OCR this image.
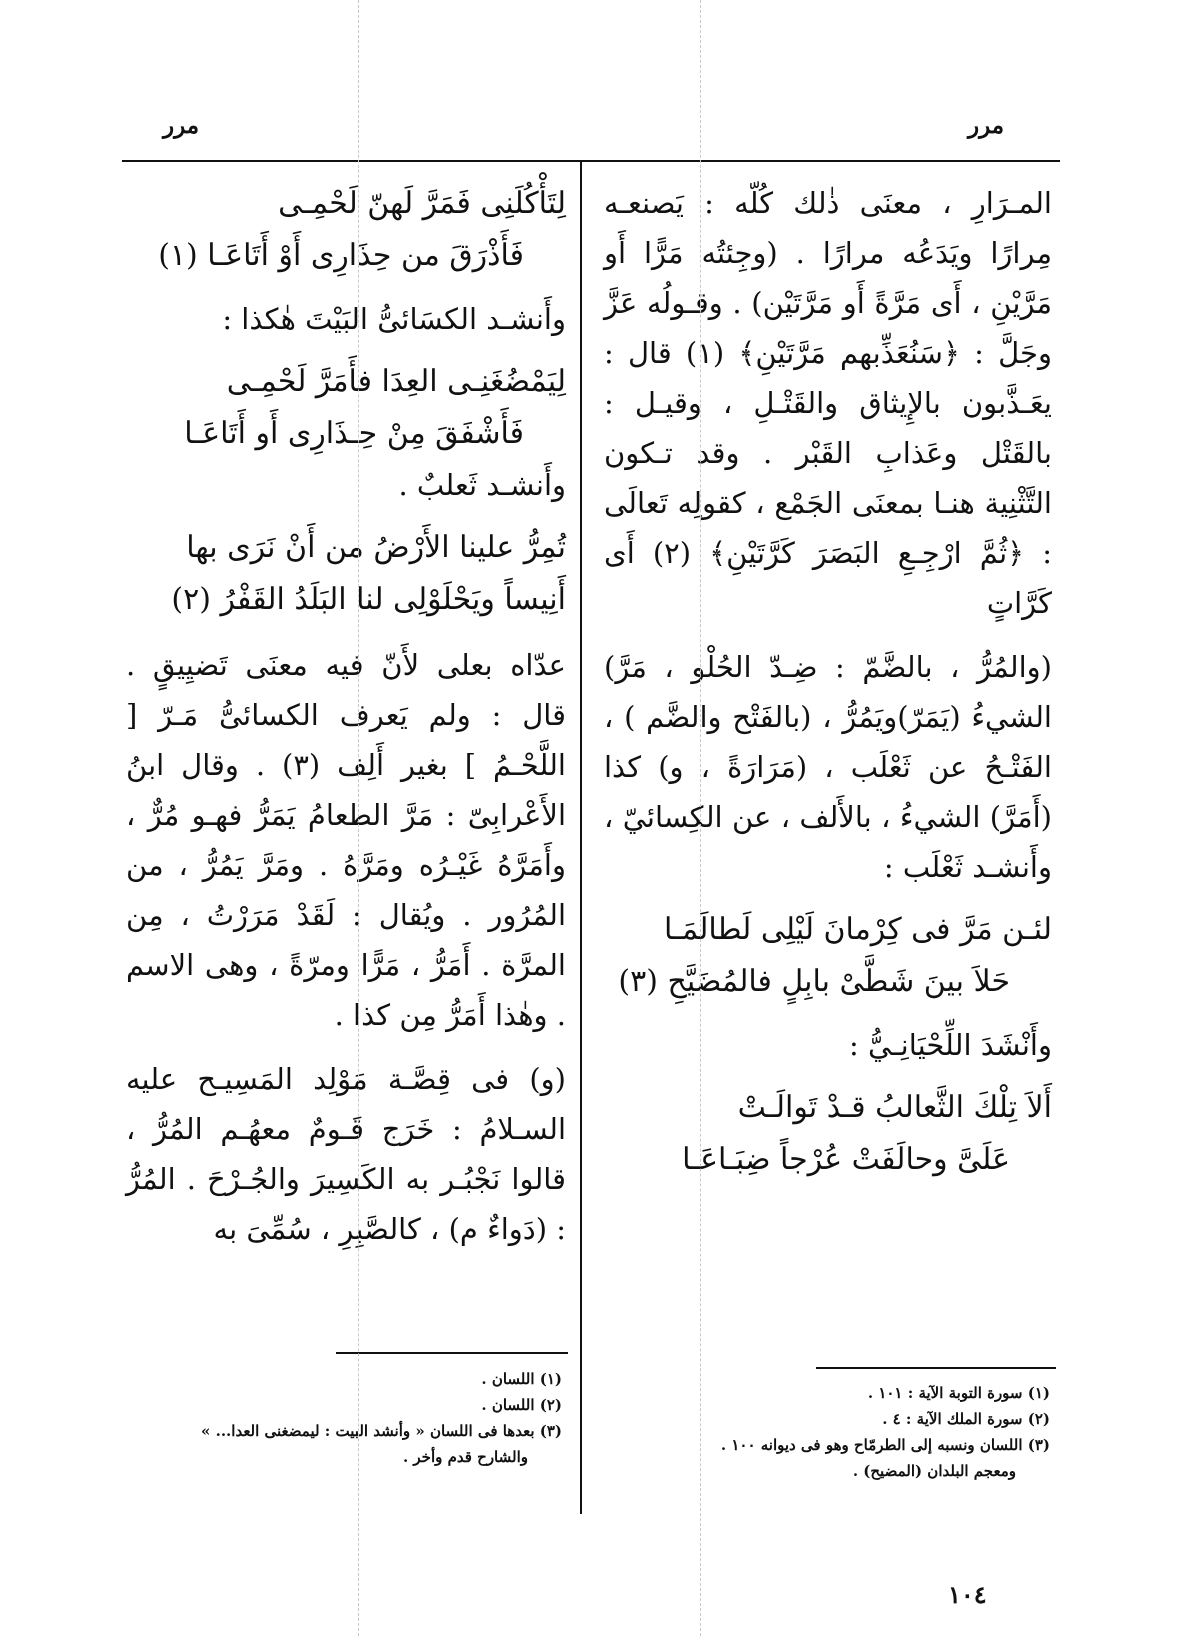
مرر
مرر

المـرَارِ ، معنَى ذٰلك كُلّه : يَصنعـه مِرارًا ويَدَعُه مرارًا . (وجِئتُه مَرًّا أَو مَرَّيْنِ ، أَى مَرَّةً أَو مَرَّتَيْن) . وقـولُه عَزَّ وجَلَّ : ﴿سَنُعَذِّبهم مَرَّتَيْنِ﴾ (١) قال : يعَـذَّبون بالإِيثاق والقَتْـلِ ، وقيـل : بالقَتْل وعَذابِ القَبْر . وقد تـكون التَّثْنِية هنـا بمعنَى الجَمْع ، كقولِه تَعالَى : ﴿ثُمَّ ارْجِـعِ البَصَرَ كَرَّتَيْنِ﴾ (٢) أَى كَرَّاتٍ

(والمُرُّ ، بالضَّمّ : ضِـدّ الحُلْو ، مَرَّ) الشيءُ (يَمَرّ)ويَمُرُّ ، (بالفَتْح والضَّم ) ، الفَتْـحُ عن ثَعْلَب ، (مَرَارَةً ، و) كذا (أَمَرَّ) الشيءُ ، بالأَلف ، عن الكِسائيّ ، وأَنشـد ثَعْلَب :

لئـن مَرَّ فى كِرْمانَ لَيْلِى لَطالَمَـا

حَلاَ بينَ شَطَّىْ بابِلٍ فالمُضَيَّحِ (٣)

وأَنْشَدَ اللِّحْيَانِـيُّ :

أَلاَ تِلْكَ الثَّعالبُ قـدْ تَوالَـتْ

عَلَىَّ وحالَفَتْ عُرْجاً ضِبَـاعَـا

لِتَأْكُلَنِى فَمَرَّ لَهنّ لَحْمِـى

فَأَذْرَقَ من حِذَارِى أَوْ أَتَاعَـا (١)

وأَنشـد الكسَائىُّ البَيْتَ هٰكذا :

لِيَمْضُغَنِـى العِدَا فأَمَرَّ لَحْمِـى

فَأَشْفَقَ مِنْ حِـذَارِى أَو أَتَاعَـا

وأَنشـد ثَعلبٌ .

تُمِرُّ علينا الأَرْضُ من أَنْ نَرَى بها

أَنِيساً ويَحْلَوْلِى لنا البَلَدُ القَفْرُ (٢)

عدّاه بعلى لأَنّ فيه معنَى تَضيِيقٍ . قال : ولم يَعرف الكسائىُّ مَـرّ [ اللَّحْـمُ ] بغير أَلِف (٣) . وقال ابنُ الأَعْرابِىّ : مَرَّ الطعامُ يَمَرُّ فهـو مُرٌّ ، وأَمَرَّهُ غَيْـرُه ومَرَّهُ . ومَرَّ يَمُرُّ ، من المُرُور . ويُقال : لَقَدْ مَرَرْتُ ، مِن المرَّة . أَمَرُّ ، مَرًّا ومرّةً ، وهى الاسم . وهٰذا أَمَرُّ مِن كذا .

(و) فى قِصَّـة مَوْلِد المَسِيـح عليه السـلامُ : خَرَج قَـومٌ معهُـم المُرُّ ، قالوا نَجْبُـر به الكَسِيرَ والجُـرْحَ . المُرُّ : (دَواءٌ م) ، كالصَّبِرِ ، سُمِّىَ به

(١) سورة التوبة الآية : ١٠١ .
(٢) سورة الملك الآية : ٤ .
(٣) اللسان ونسبه إلى الطرمّاح وهو فى ديوانه ١٠٠ .
ومعجم البلدان (المضيح) .
(١) اللسان .
(٢) اللسان .
(٣) بعدها فى اللسان « وأنشد البيت : ليمضغنى العدا... »
والشارح قدم وأخر .
١٠٤
